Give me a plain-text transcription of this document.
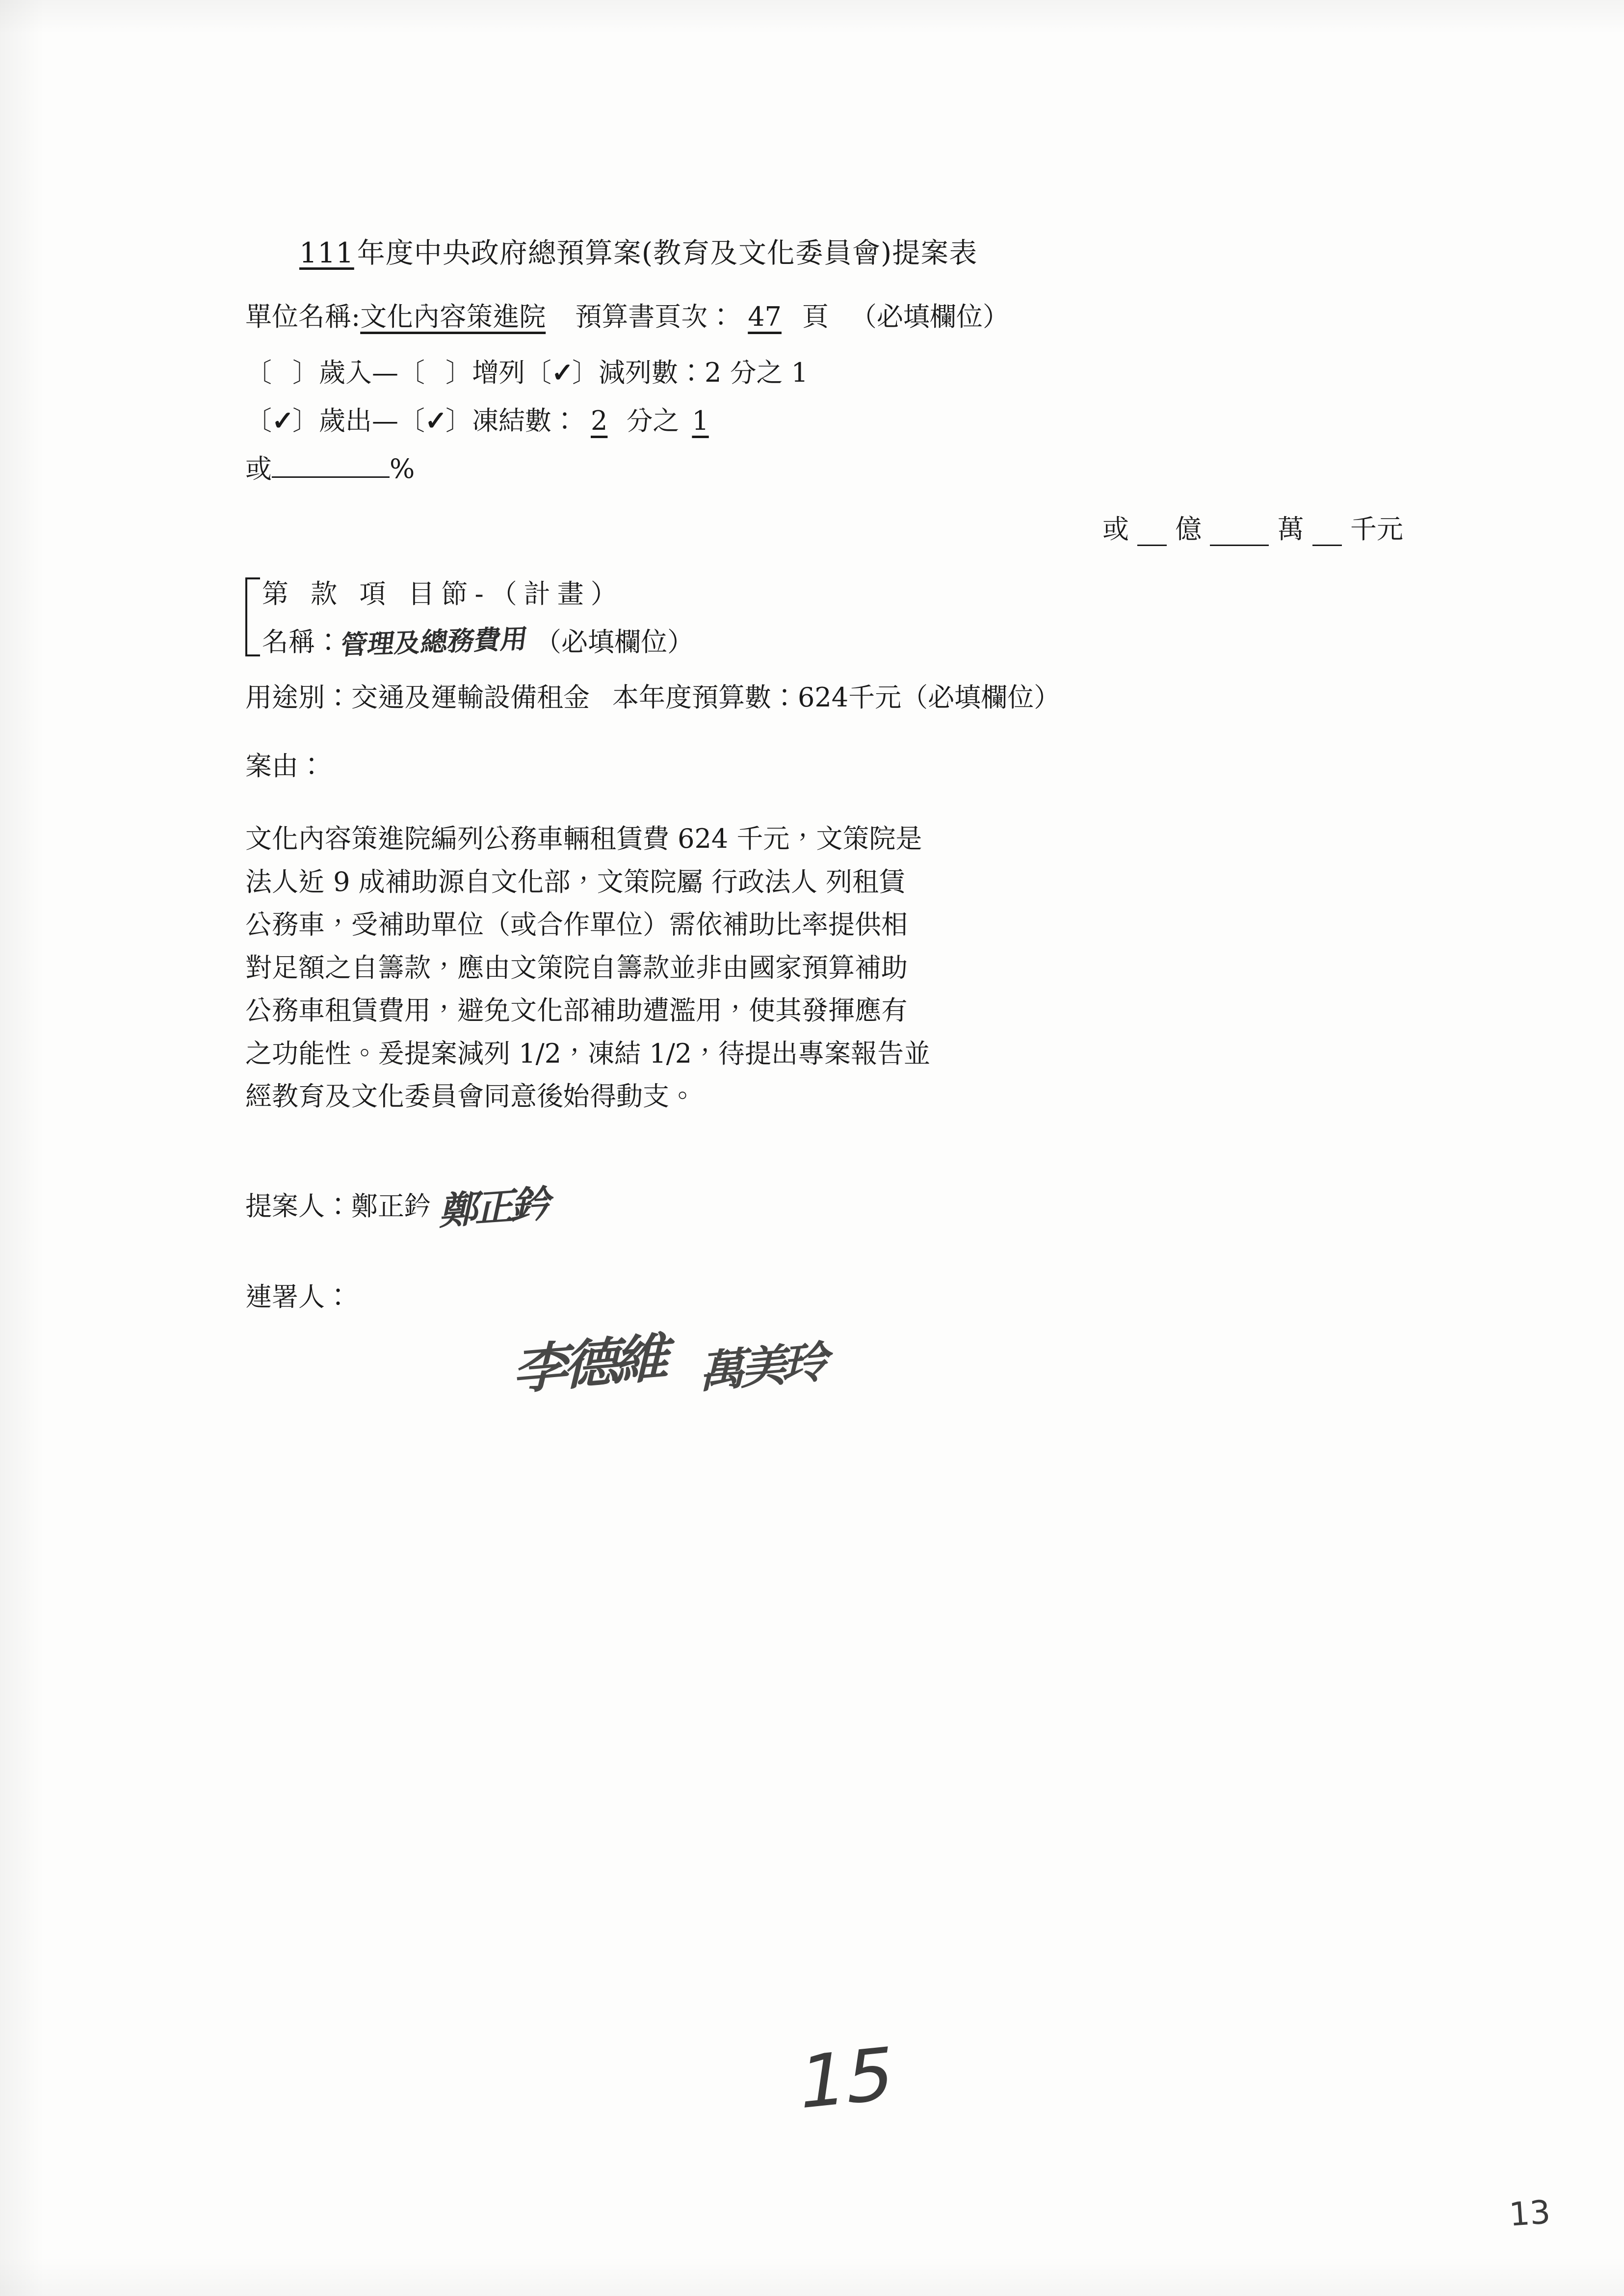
111 年度中央政府總預算案(教育及文化委員會)提案表
單位名稱: 文化內容策進院 預算書頁次： 47 頁 （必填欄位）
〔 〕 歲入— 〔 〕 增列 〔 ✓
〕 減列數：2 分之 1
〔 ✓
〕 歲出— 〔 ✓
〕 凍結數： 2 分之 1
或	%
或 億	萬 千元
第 款 項 目節-（計畫）
名稱：
管理及總務費用 （必填欄位）
用途別： 交通及運輸設備租金 本年度預算數： 624 千元 （必填欄位）
案由：

文化內容策進院編列公務車輛租賃費 624 千元，文策院是

法人近 9 成補助源自文化部，文策院屬 行政法人 列租賃

公務車，受補助單位（或合作單位）需依補助比率提供相

對足額之自籌款，應由文策院自籌款並非由國家預算補助

公務車租賃費用，避免文化部補助遭濫用，使其發揮應有

之功能性。爰提案減列 1/2，凍結 1/2，待提出專案報告並

經教育及文化委員會同意後始得動支。

提案人： 鄭正鈐 鄭正鈐
連署人：
李德維 萬美玲
15
13
